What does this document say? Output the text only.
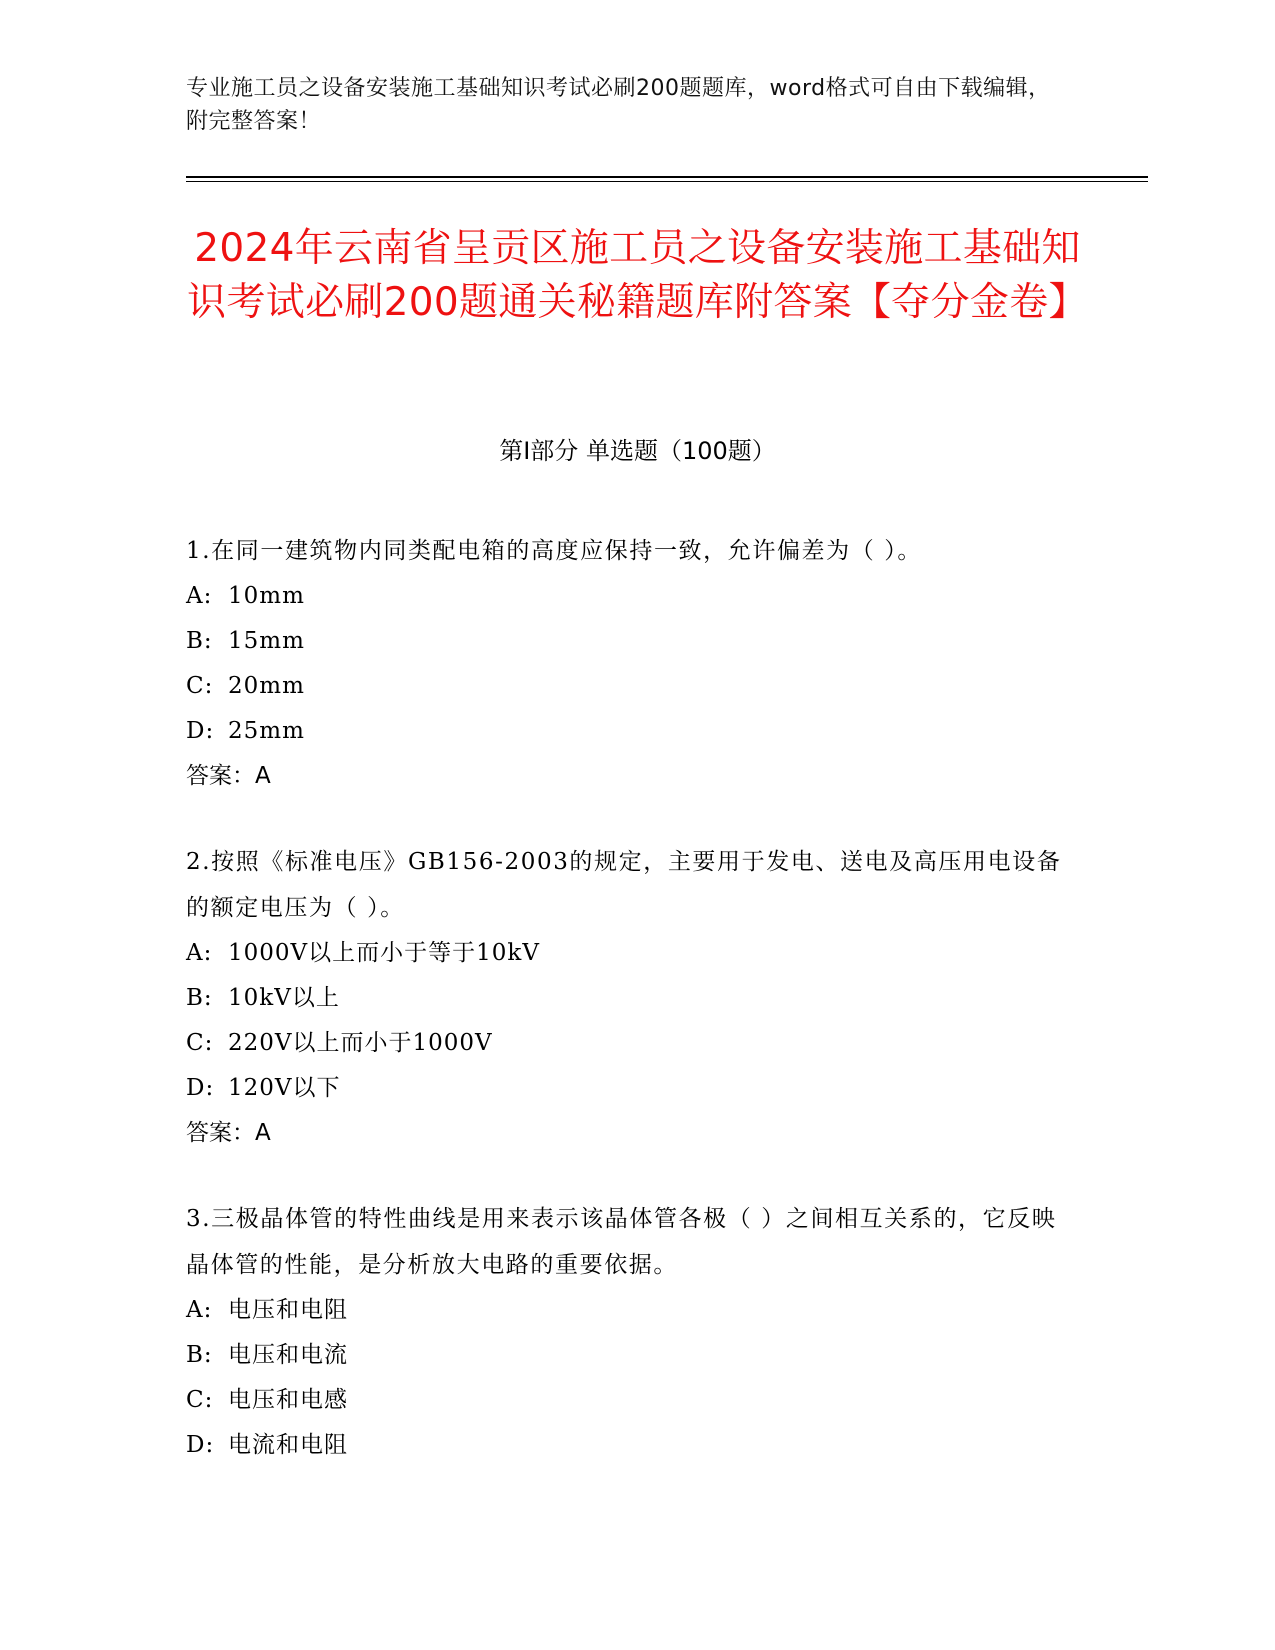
专业施工员之设备安装施工基础知识考试必刷200题题库，word格式可自由下载编辑，附完整答案！
2024年云南省呈贡区施工员之设备安装施工基础知识考试必刷200题通关秘籍题库附答案【夺分金卷】
第Ⅰ部分 单选题（100题）

1.在同一建筑物内同类配电箱的高度应保持一致，允许偏差为（ ）。

A: 10mm

B: 15mm

C: 20mm

D: 25mm

答案：A

2.按照《标准电压》GB156-2003的规定，主要用于发电、送电及高压用电设备的额定电压为（ ）。

A: 1000V以上而小于等于10kV

B: 10kV以上

C: 220V以上而小于1000V

D: 120V以下

答案：A

3.三极晶体管的特性曲线是用来表示该晶体管各极（ ）之间相互关系的，它反映晶体管的性能，是分析放大电路的重要依据。

A: 电压和电阻

B: 电压和电流

C: 电压和电感

D: 电流和电阻
